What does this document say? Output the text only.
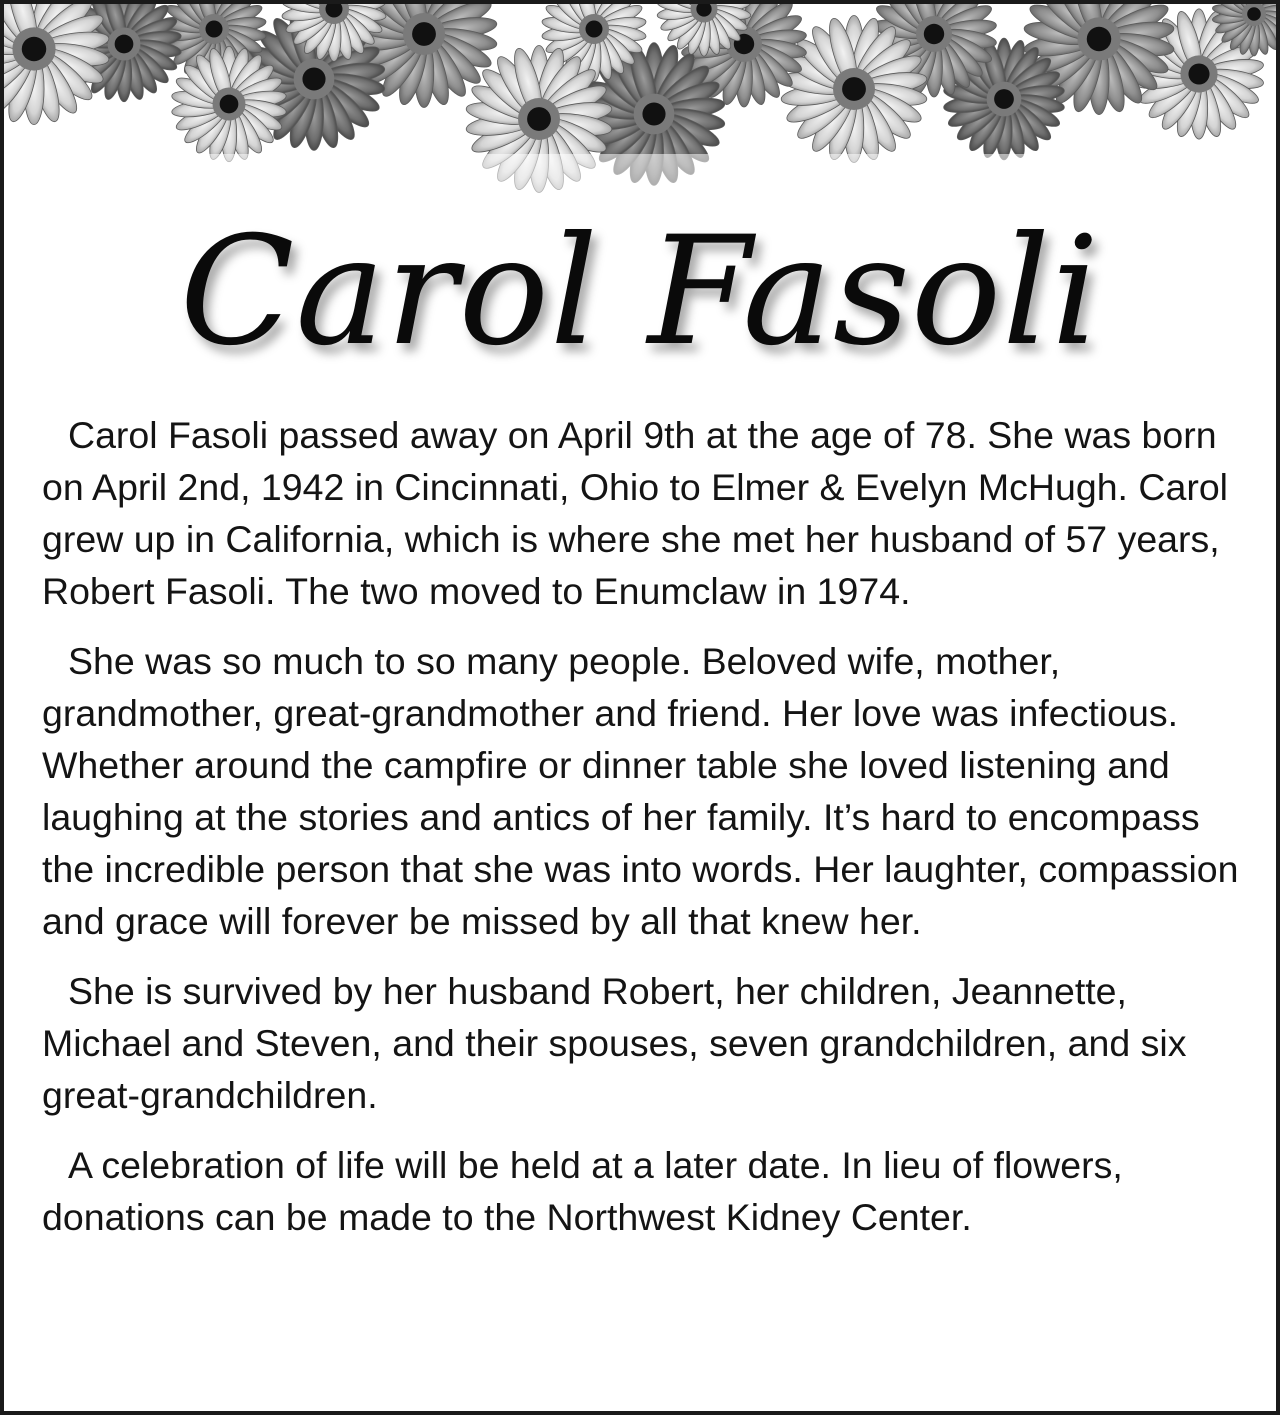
Carol Fasoli

Carol Fasoli passed away on April 9th at the age of 78. She was born on April 2nd, 1942 in Cincinnati, Ohio to Elmer & Evelyn McHugh. Carol grew up in California, which is where she met her husband of 57 years, Robert Fasoli. The two moved to Enumclaw in 1974.

She was so much to so many people. Beloved wife, mother, grandmother, great-grandmother and friend. Her love was infectious. Whether around the campfire or dinner table she loved listening and laughing at the stories and antics of her family. It’s hard to encompass the incredible person that she was into words. Her laughter, compassion and grace will forever be missed by all that knew her.

She is survived by her husband Robert, her children, Jeannette, Michael and Steven, and their spouses, seven grandchildren, and six great-grandchildren.

A celebration of life will be held at a later date. In lieu of flowers, donations can be made to the Northwest Kidney Center.
